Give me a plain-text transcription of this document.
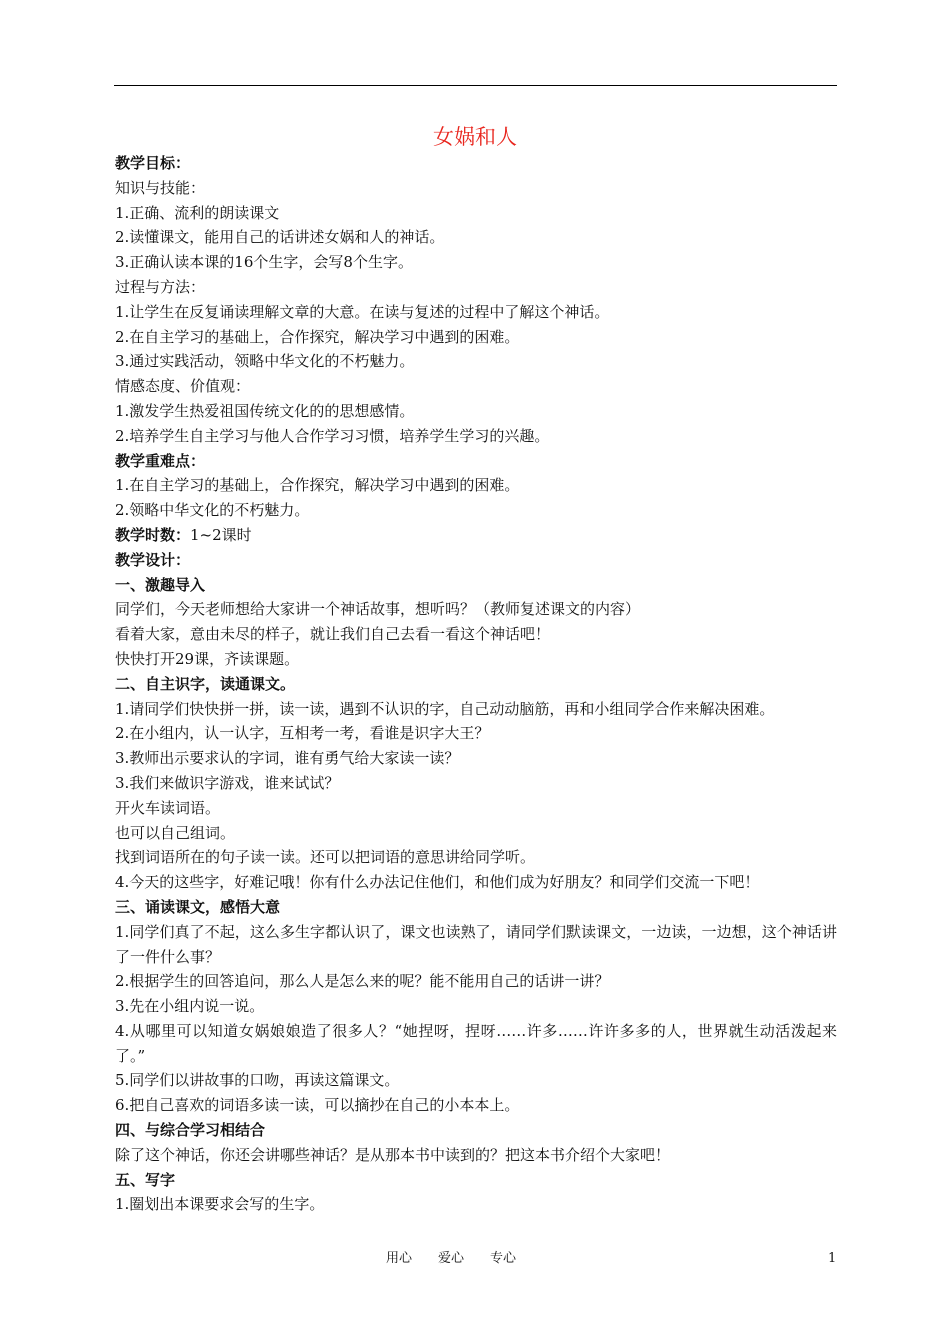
女娲和人
教学目标：
知识与技能：
1.正确、流利的朗读课文
2.读懂课文，能用自己的话讲述女娲和人的神话。
3.正确认读本课的16个生字，会写8个生字。
过程与方法：
1.让学生在反复诵读理解文章的大意。在读与复述的过程中了解这个神话。
2.在自主学习的基础上，合作探究，解决学习中遇到的困难。
3.通过实践活动，领略中华文化的不朽魅力。
情感态度、价值观：
1.激发学生热爱祖国传统文化的的思想感情。
2.培养学生自主学习与他人合作学习习惯，培养学生学习的兴趣。
教学重难点：
1.在自主学习的基础上，合作探究，解决学习中遇到的困难。
2.领略中华文化的不朽魅力。
教学时数：1~2课时
教学设计：
一、激趣导入
同学们，今天老师想给大家讲一个神话故事，想听吗？（教师复述课文的内容）
看着大家，意由未尽的样子，就让我们自己去看一看这个神话吧！
快快打开29课，齐读课题。
二、自主识字，读通课文。
1.请同学们快快拼一拼，读一读，遇到不认识的字，自己动动脑筋，再和小组同学合作来解决困难。
2.在小组内，认一认字，互相考一考，看谁是识字大王？
3.教师出示要求认的字词，谁有勇气给大家读一读？
3.我们来做识字游戏，谁来试试？
开火车读词语。
也可以自己组词。
找到词语所在的句子读一读。还可以把词语的意思讲给同学听。
4.今天的这些字，好难记哦！你有什么办法记住他们，和他们成为好朋友？和同学们交流一下吧！
三、诵读课文，感悟大意
1.同学们真了不起，这么多生字都认识了，课文也读熟了，请同学们默读课文，一边读，一边想，这个神话讲了一件什么事？
2.根据学生的回答追问，那么人是怎么来的呢？能不能用自己的话讲一讲？
3.先在小组内说一说。
4.从哪里可以知道女娲娘娘造了很多人？“她捏呀，捏呀……许多……许许多多的人，世界就生动活泼起来了。”
5.同学们以讲故事的口吻，再读这篇课文。
6.把自己喜欢的词语多读一读，可以摘抄在自己的小本本上。
四、与综合学习相结合
除了这个神话，你还会讲哪些神话？是从那本书中读到的？把这本书介绍个大家吧！
五、写字
1.圈划出本课要求会写的生字。
用心　　爱心　　专心	1
